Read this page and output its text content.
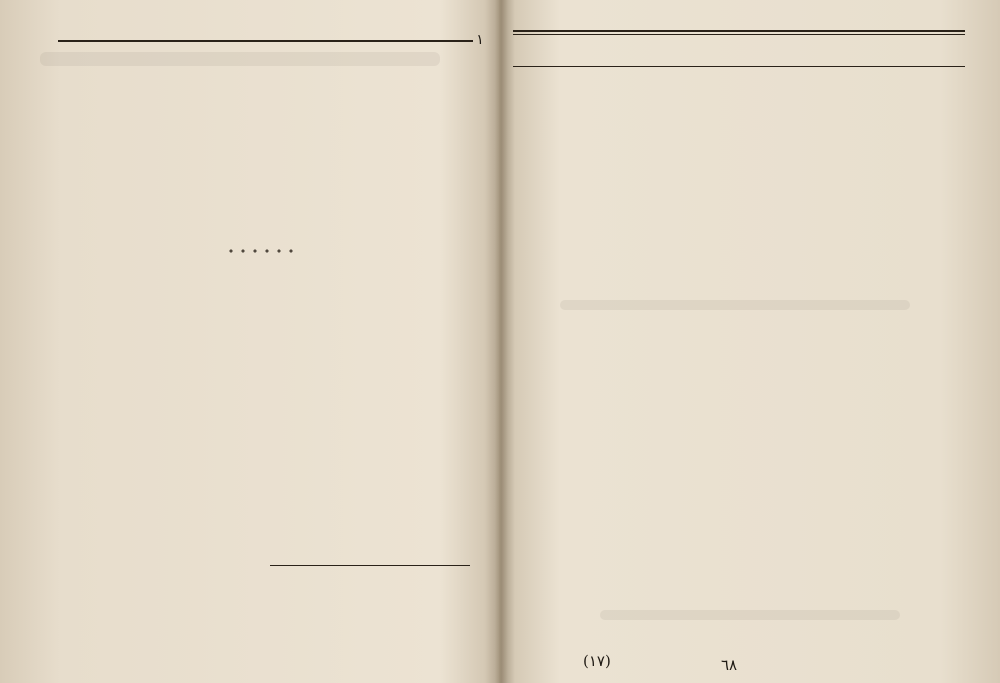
١
(١٧)	٦٨
